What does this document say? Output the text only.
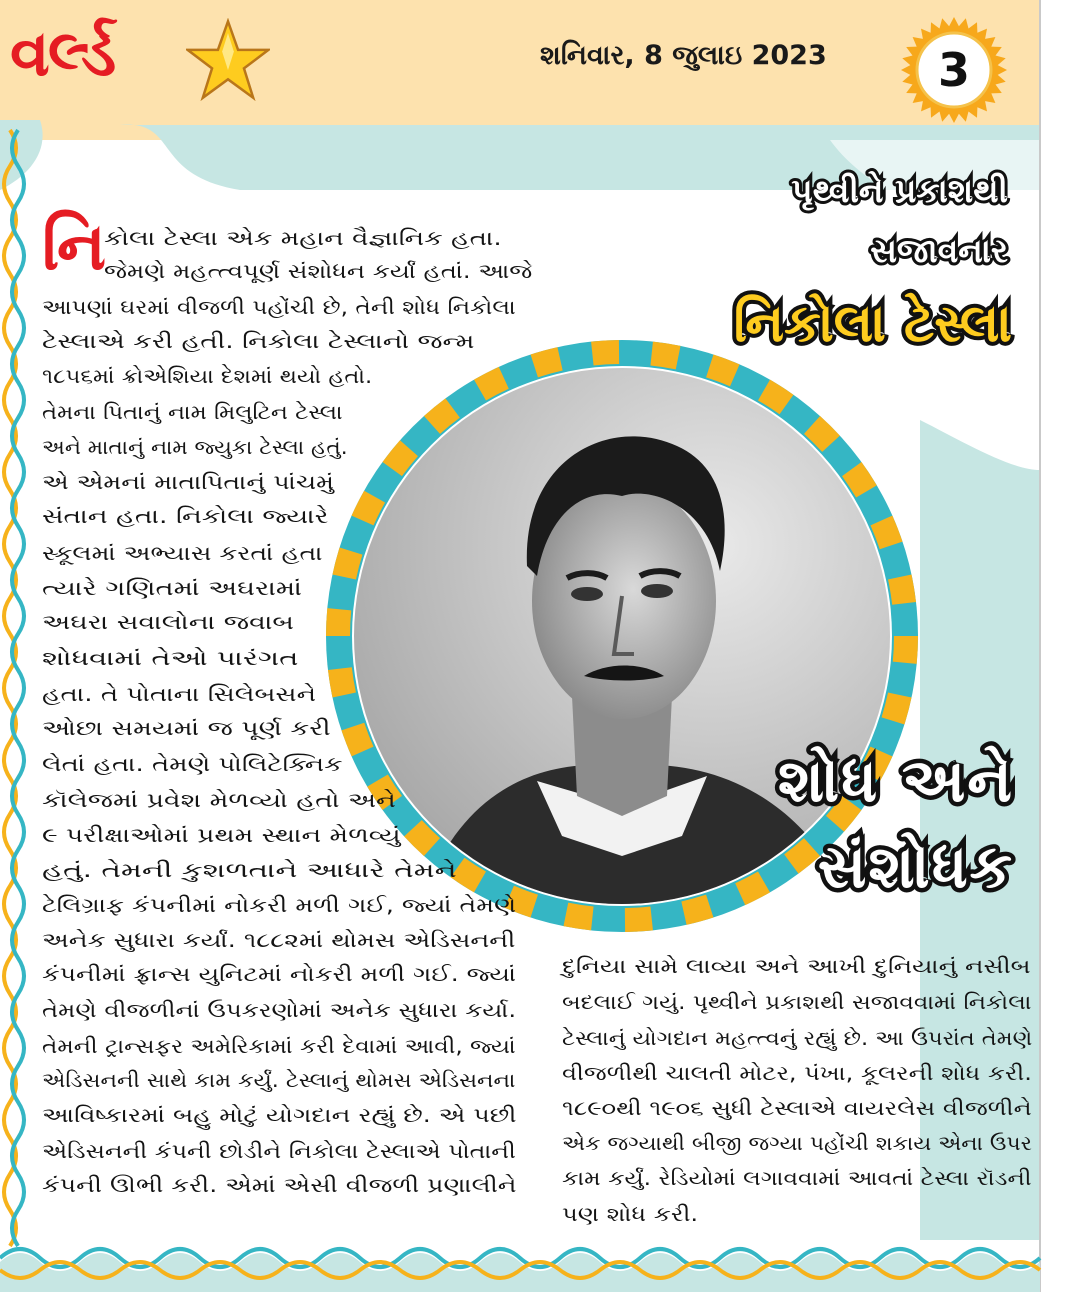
વર્લ્ડ	શનિવાર, 8 જુલાઇ 2023	3
પૃથ્વીને પ્રકાશથી
સજાવનાર
નિકોલા ટેસ્લા
શોધ અને
સંશોધક
નિ
કોલા ટેસ્લા એક મહાન વૈજ્ઞાનિક હતા.
જેમણે મહત્ત્વપૂર્ણ સંશોધન કર્યાં હતાં. આજે
આપણાં ઘરમાં વીજળી પહોંચી છે, તેની શોધ નિકોલા
ટેસ્લાએ કરી હતી. નિકોલા ટેસ્લાનો જન્મ
૧૮૫૬માં ક્રોએશિયા દેશમાં થયો હતો.
તેમના પિતાનું નામ મિલુટિન ટેસ્લા
અને માતાનું નામ જ્યુકા ટેસ્લા હતું.
એ એમનાં માતાપિતાનું પાંચમું
સંતાન હતા. નિકોલા જ્યારે
સ્કૂલમાં અભ્યાસ કરતાં હતા
ત્યારે ગણિતમાં અઘરામાં
અઘરા સવાલોના જવાબ
શોધવામાં તેઓ પારંગત
હતા. તે પોતાના સિલેબસને
ઓછા સમયમાં જ પૂર્ણ કરી
લેતાં હતા. તેમણે પોલિટેક્નિક
કૉલેજમાં પ્રવેશ મેળવ્યો હતો અને
૯ પરીક્ષાઓમાં પ્રથમ સ્થાન મેળવ્યું
હતું. તેમની કુશળતાને આધારે તેમને
ટેલિગ્રાફ કંપનીમાં નોકરી મળી ગઈ, જ્યાં તેમણે
અનેક સુધારા કર્યાં. ૧૮૮૨માં થોમસ એડિસનની
કંપનીમાં ફ્રાન્સ યુનિટમાં નોકરી મળી ગઈ. જ્યાં
તેમણે વીજળીનાં ઉપકરણોમાં અનેક સુધારા કર્યા.
તેમની ટ્રાન્સફર અમેરિકામાં કરી દેવામાં આવી, જ્યાં
એડિસનની સાથે કામ કર્યું. ટેસ્લાનું થોમસ એડિસનના
આવિષ્કારમાં બહુ મોટું યોગદાન રહ્યું છે. એ પછી
એડિસનની કંપની છોડીને નિકોલા ટેસ્લાએ પોતાની
કંપની ઊભી કરી. એમાં એસી વીજળી પ્રણાલીને
દુનિયા સામે લાવ્યા અને આખી દુનિયાનું નસીબ
બદલાઈ ગયું. પૃથ્વીને પ્રકાશથી સજાવવામાં નિકોલા
ટેસ્લાનું યોગદાન મહત્ત્વનું રહ્યું છે. આ ઉપરાંત તેમણે
વીજળીથી ચાલતી મોટર, પંખા, કૂલરની શોધ કરી.
૧૮૯૦થી ૧૯૦૬ સુધી ટેસ્લાએ વાયરલેસ વીજળીને
એક જગ્યાથી બીજી જગ્યા પહોંચી શકાય એના ઉપર
કામ કર્યું. રેડિયોમાં લગાવવામાં આવતાં ટેસ્લા રૉડની
પણ શોધ કરી.
